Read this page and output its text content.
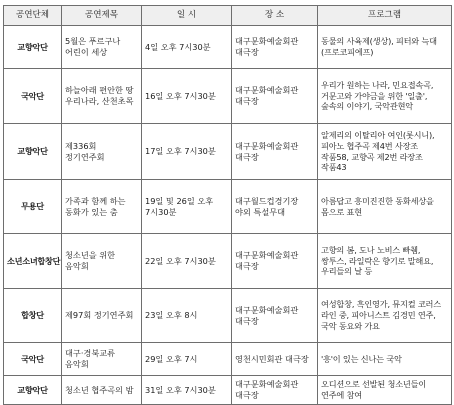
공연단체	공연제목	일 시	장 소	프로그램
교향악단	5월은 푸르구나 어린이 세상	4일 오후 7시30분	대구문화예술회관 대극장	동물의 사육제(생상), 피터와 늑대(프로코피에프)
국악단	하늘아래 편안한 땅 우리나라, 산천초목	16일 오후 7시30분	대구문화예술회관 대극장	우리가 원하는 나라, 민요접속곡, 거문고와 가야금을 위한 '일출', 숲속의 이야기, 국악관현악
교향악단	제336회 정기연주회	17일 오후 7시30분	대구문화예술회관 대극장	알제리의 이탈리아 여인(롯시니), 피아노 협주곡 제4번 사장조 작품58, 교향곡 제2번 라장조 작품43
무용단	가족과 함께 하는 동화가 있는 춤	19일 및 26일 오후 7시30분	대구월드컵경기장 야외 특설무대	아름답고 흥미진진한 동화세상을 몸으로 표현
소년소녀합창단	청소년을 위한 음악회	22일 오후 7시30분	대구문화예술회관 대극장	고향의 봄, 도나 노비스 빠췜, 쌍투스, 라일락은 향기로 말해요, 우리들의 날 등
합창단	제97회 정기연주회	23일 오후 8시	대구문화예술회관 대극장	여성합창, 흑인영가, 뮤지컬 코러스 라인 중, 피아니스트 김경민 연주, 국악 동요와 가요
국악단	대구·경북교류 음악회	29일 오후 7시	영천시민회관 대극장	'흥'이 있는 신나는 국악
교향악단	청소년 협주곡의 밤	31일 오후 7시30분	대구문화예술회관 대극장	오디션으로 선발된 청소년들이 연주에 참여
